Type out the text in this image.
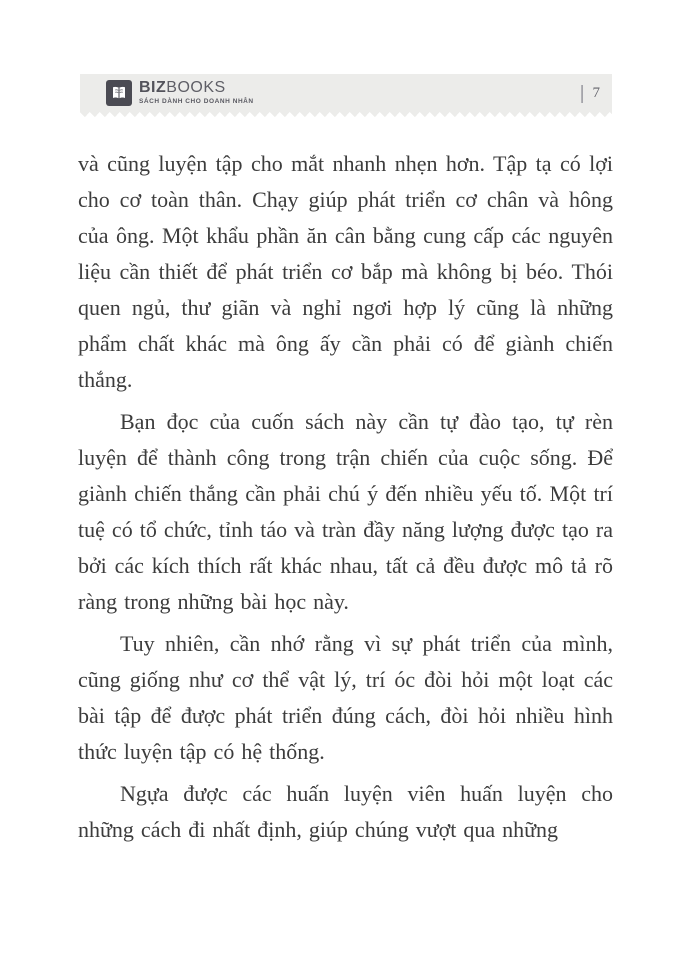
BIZBOOKS
SÁCH DÀNH CHO DOANH NHÂN	| 7

và cũng luyện tập cho mắt nhanh nhẹn hơn. Tập tạ có lợi cho cơ toàn thân. Chạy giúp phát triển cơ chân và hông của ông. Một khẩu phần ăn cân bằng cung cấp các nguyên liệu cần thiết để phát triển cơ bắp mà không bị béo. Thói quen ngủ, thư giãn và nghỉ ngơi hợp lý cũng là những phẩm chất khác mà ông ấy cần phải có để giành chiến thắng.

Bạn đọc của cuốn sách này cần tự đào tạo, tự rèn luyện để thành công trong trận chiến của cuộc sống. Để giành chiến thắng cần phải chú ý đến nhiều yếu tố. Một trí tuệ có tổ chức, tỉnh táo và tràn đầy năng lượng được tạo ra bởi các kích thích rất khác nhau, tất cả đều được mô tả rõ ràng trong những bài học này.

Tuy nhiên, cần nhớ rằng vì sự phát triển của mình, cũng giống như cơ thể vật lý, trí óc đòi hỏi một loạt các bài tập để được phát triển đúng cách, đòi hỏi nhiều hình thức luyện tập có hệ thống.

Ngựa được các huấn luyện viên huấn luyện cho những cách đi nhất định, giúp chúng vượt qua những
